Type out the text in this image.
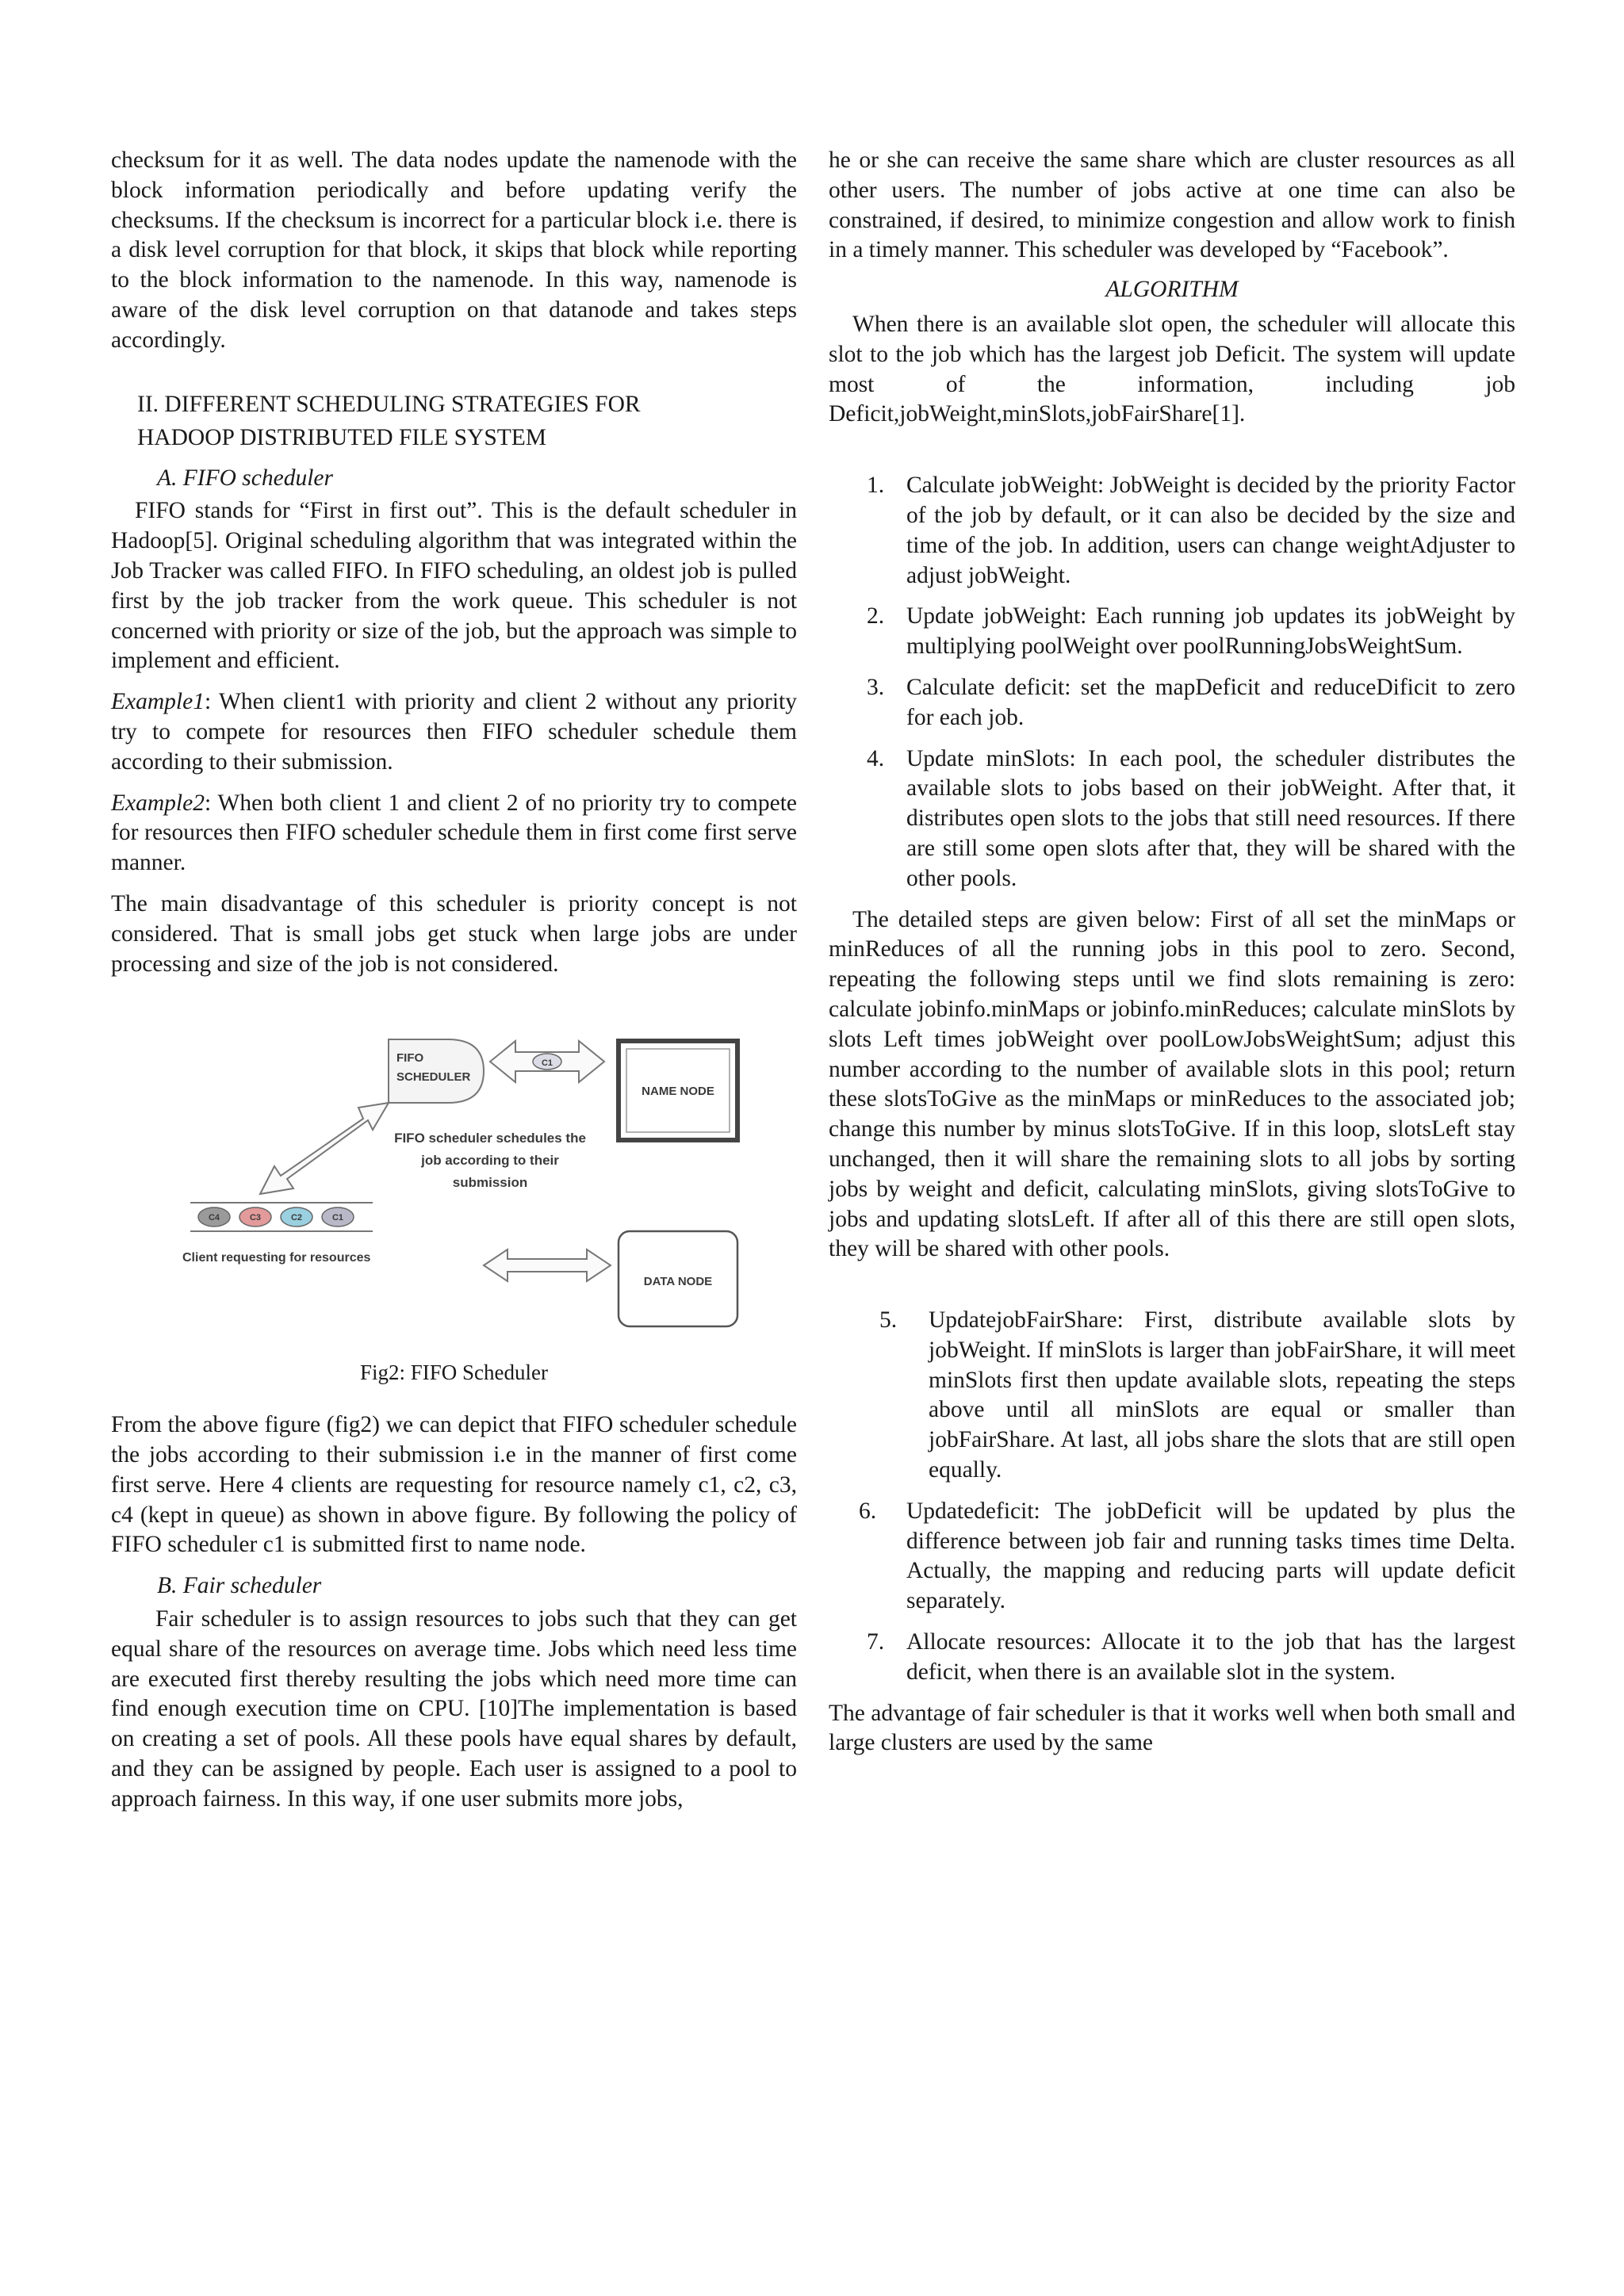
checksum for it as well. The data nodes update the namenode with the block information periodically and before updating verify the checksums. If the checksum is incorrect for a particular block i.e. there is a disk level corruption for that block, it skips that block while reporting to the block information to the namenode. In this way, namenode is aware of the disk level corruption on that datanode and takes steps accordingly.

II. DIFFERENT SCHEDULING STRATEGIES FOR
HADOOP DISTRIBUTED FILE SYSTEM
A. FIFO scheduler

FIFO stands for “First in first out”. This is the default scheduler in Hadoop[5]. Original scheduling algorithm that was integrated within the Job Tracker was called FIFO. In FIFO scheduling, an oldest job is pulled first by the job tracker from the work queue. This scheduler is not concerned with priority or size of the job, but the approach was simple to implement and efficient.

Example1: When client1 with priority and client 2 without any priority try to compete for resources then FIFO scheduler schedule them according to their submission.

Example2: When both client 1 and client 2 of no priority try to compete for resources then FIFO scheduler schedule them in first come first serve manner.

The main disadvantage of this scheduler is priority concept is not considered. That is small jobs get stuck when large jobs are under processing and size of the job is not considered.

FIFO
SCHEDULER
C1
NAME NODE
FIFO scheduler schedules the
job according to their
submission
C4	C3	C2	C1
Client requesting for resources
DATA NODE
Fig2: FIFO Scheduler

From the above figure (fig2) we can depict that FIFO scheduler schedule the jobs according to their submission i.e in the manner of first come first serve. Here 4 clients are requesting for resource namely c1, c2, c3, c4 (kept in queue) as shown in above figure. By following the policy of FIFO scheduler c1 is submitted first to name node.

B. Fair scheduler

Fair scheduler is to assign resources to jobs such that they can get equal share of the resources on average time. Jobs which need less time are executed first thereby resulting the jobs which need more time can find enough execution time on CPU. [10]The implementation is based on creating a set of pools. All these pools have equal shares by default, and they can be assigned by people. Each user is assigned to a pool to approach fairness. In this way, if one user submits more jobs,

he or she can receive the same share which are cluster resources as all other users. The number of jobs active at one time can also be constrained, if desired, to minimize congestion and allow work to finish in a timely manner. This scheduler was developed by “Facebook”.

ALGORITHM

When there is an available slot open, the scheduler will allocate this slot to the job which has the largest job Deficit. The system will update most of the information, including job Deficit,jobWeight,minSlots,jobFairShare[1].

1. Calculate jobWeight: JobWeight is decided by the priority Factor of the job by default, or it can also be decided by the size and time of the job. In addition, users can change weightAdjuster to adjust jobWeight.
2. Update jobWeight: Each running job updates its jobWeight by multiplying poolWeight over poolRunningJobsWeightSum.
3. Calculate deficit: set the mapDeficit and reduceDificit to zero for each job.
4. Update minSlots: In each pool, the scheduler distributes the available slots to jobs based on their jobWeight. After that, it distributes open slots to the jobs that still need resources. If there are still some open slots after that, they will be shared with the other pools.

The detailed steps are given below: First of all set the minMaps or minReduces of all the running jobs in this pool to zero. Second, repeating the following steps until we find slots remaining is zero: calculate jobinfo.minMaps or jobinfo.minReduces; calculate minSlots by slots Left times jobWeight over poolLowJobsWeightSum; adjust this number according to the number of available slots in this pool; return these slotsToGive as the minMaps or minReduces to the associated job; change this number by minus slotsToGive. If in this loop, slotsLeft stay unchanged, then it will share the remaining slots to all jobs by sorting jobs by weight and deficit, calculating minSlots, giving slotsToGive to jobs and updating slotsLeft. If after all of this there are still open slots, they will be shared with other pools.

5. UpdatejobFairShare: First, distribute available slots by jobWeight. If minSlots is larger than jobFairShare, it will meet minSlots first then update available slots, repeating the steps above until all minSlots are equal or smaller than jobFairShare. At last, all jobs share the slots that are still open equally.
6. Updatedeficit: The jobDeficit will be updated by plus the difference between job fair and running tasks times time Delta. Actually, the mapping and reducing parts will update deficit separately.
7. Allocate resources: Allocate it to the job that has the largest deficit, when there is an available slot in the system.

The advantage of fair scheduler is that it works well when both small and large clusters are used by the same
